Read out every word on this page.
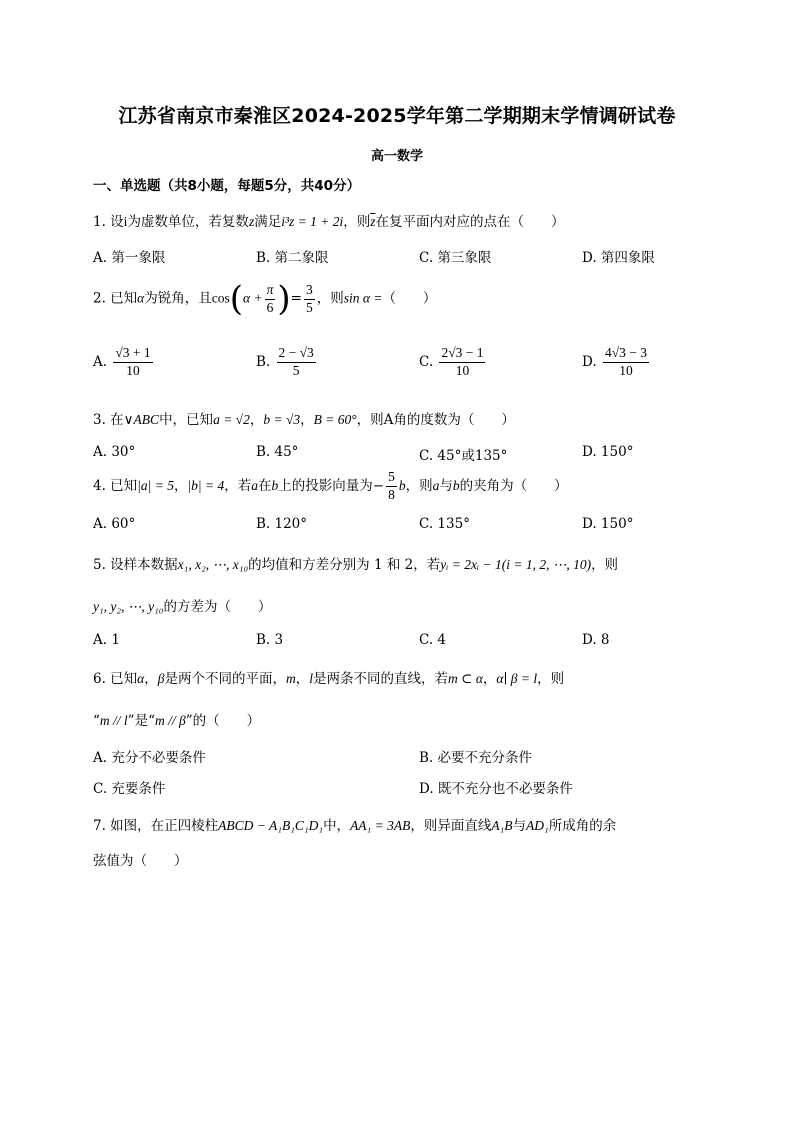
江苏省南京市秦淮区2024-2025学年第二学期期末学情调研试卷
高一数学
一、单选题（共8小题，每题5分，共40分）
1. 设i为虚数单位，若复数z满足i³z = 1 + 2i，则$\overline{z}$在复平面内对应的点在（　　）
A. 第一象限	B. 第二象限	C. 第三象限	D. 第四象限
2. 已知α为锐角，且$\cos(\alpha + \frac{\pi}{6}$ )= $\frac{3}{5}$ ，则sin α =（　　）
A. $\frac{√3 + 1}{10}$	B. $\frac{2 - √3}{5}$	C. $\frac{2√3 - 1}{10}$	D. $\frac{4√3 - 3}{10}$
3. 在∨ABC中，已知a = √2，b = √3，B = 60°，则A角的度数为（　　）
A. 30°	B. 45°	C. 45°或135°	D. 150°
4. 已知|a| = 5，|b| = 4，若a在b上的投影向量为− $\frac{5}{8}$ b，则a与b的夹角为（　　）
A. 60°	B. 120°	C. 135°	D. 150°
5. 设样本数据x₁, x₂, ⋯, x₁₀的均值和方差分别为 1 和 2，若yᵢ = 2xᵢ − 1(i = 1, 2, ⋯, 10)，则
y₁, y₂, ⋯, y₁₀的方差为（　　）
A. 1	B. 3	C. 4	D. 8
6. 已知α，β是两个不同的平面，m，l是两条不同的直线，若m ⊂ α，α∣ β = l，则
“m // l”是“m // β”的（　　）
A. 充分不必要条件	B. 必要不充分条件
C. 充要条件	D. 既不充分也不必要条件
7. 如图，在正四棱柱ABCD − A₁B₁C₁D₁中，AA₁ = 3AB，则异面直线A₁B与AD₁所成角的余
弦值为（　　）
